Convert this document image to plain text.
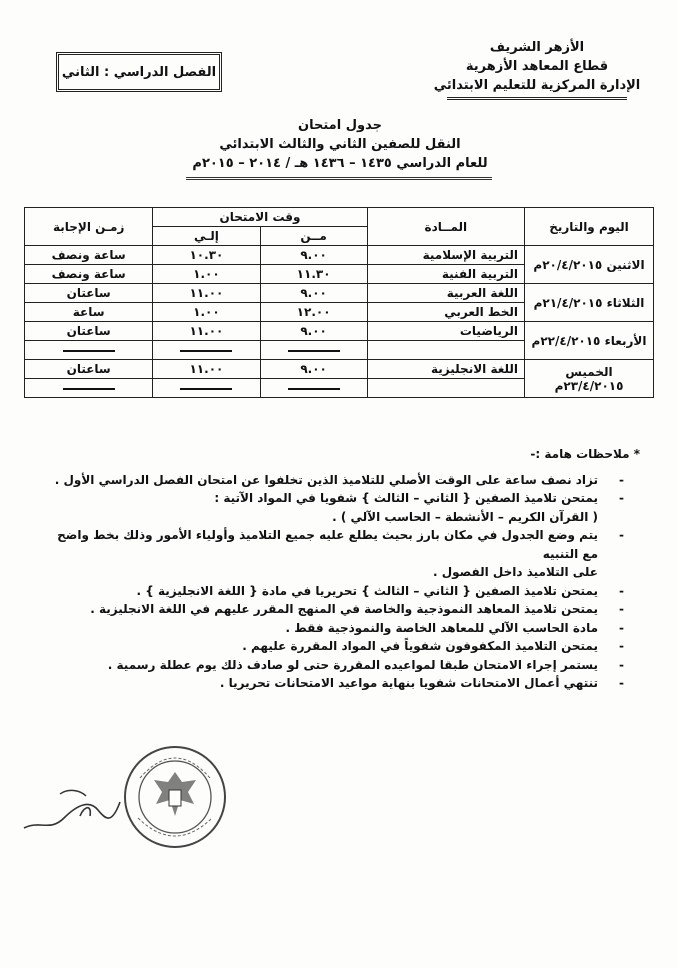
الأزهر الشريف
قطاع المعاهد الأزهرية
الإدارة المركزية للتعليم الابتدائي
الفصل الدراسي : الثاني
جدول امتحان
النقل للصفين الثاني والثالث الابتدائي
للعام الدراسي ١٤٣٥ – ١٤٣٦ هـ / ٢٠١٤ – ٢٠١٥م
اليوم والتاريخ	المــادة	وقت الامتحان		زمـن الإجابة
		مــن	إلـي	
الاثنين ٢٠/٤/٢٠١٥م	التربية الإسلامية	٩.٠٠	١٠.٣٠	ساعة ونصف
	التربية الفنية	١١.٣٠	١.٠٠	ساعة ونصف
الثلاثاء ٢١/٤/٢٠١٥م	اللغة العربية	٩.٠٠	١١.٠٠	ساعتان
	الخط العربي	١٢.٠٠	١.٠٠	ساعة
الأربعاء ٢٢/٤/٢٠١٥م	الرياضيات	٩.٠٠	١١.٠٠	ساعتان

الخميس ٢٣/٤/٢٠١٥م	اللغة الانجليزية	٩.٠٠	١١.٠٠	ساعتان

* ملاحظات هامة :-
-
تزاد نصف ساعة على الوقت الأصلي للتلاميذ الذين تخلفوا عن امتحان الفصل الدراسي الأول .
-
يمتحن تلاميذ الصفين { الثاني – الثالث } شفويا في المواد الآتية :
( القرآن الكريم – الأنشطة – الحاسب الآلي ) .
-
يتم وضع الجدول في مكان بارز بحيث يطلع عليه جميع التلاميذ وأولياء الأمور وذلك بخط واضح مع التنبيه
على التلاميذ داخل الفصول .
-
يمتحن تلاميذ الصفين { الثاني – الثالث } تحريريا في مادة { اللغة الانجليزية } .
-
يمتحن تلاميذ المعاهد النموذجية والخاصة في المنهج المقرر عليهم في اللغة الانجليزية .
-
مادة الحاسب الآلي للمعاهد الخاصة والنموذجية فقط .
-
يمتحن التلاميذ المكفوفون شفوياً في المواد المقررة عليهم .
-
يستمر إجراء الامتحان طبقا لمواعيده المقررة حتى لو صادف ذلك يوم عطلة رسمية .
-
تنتهي أعمال الامتحانات شفويا بنهاية مواعيد الامتحانات تحريريا .
